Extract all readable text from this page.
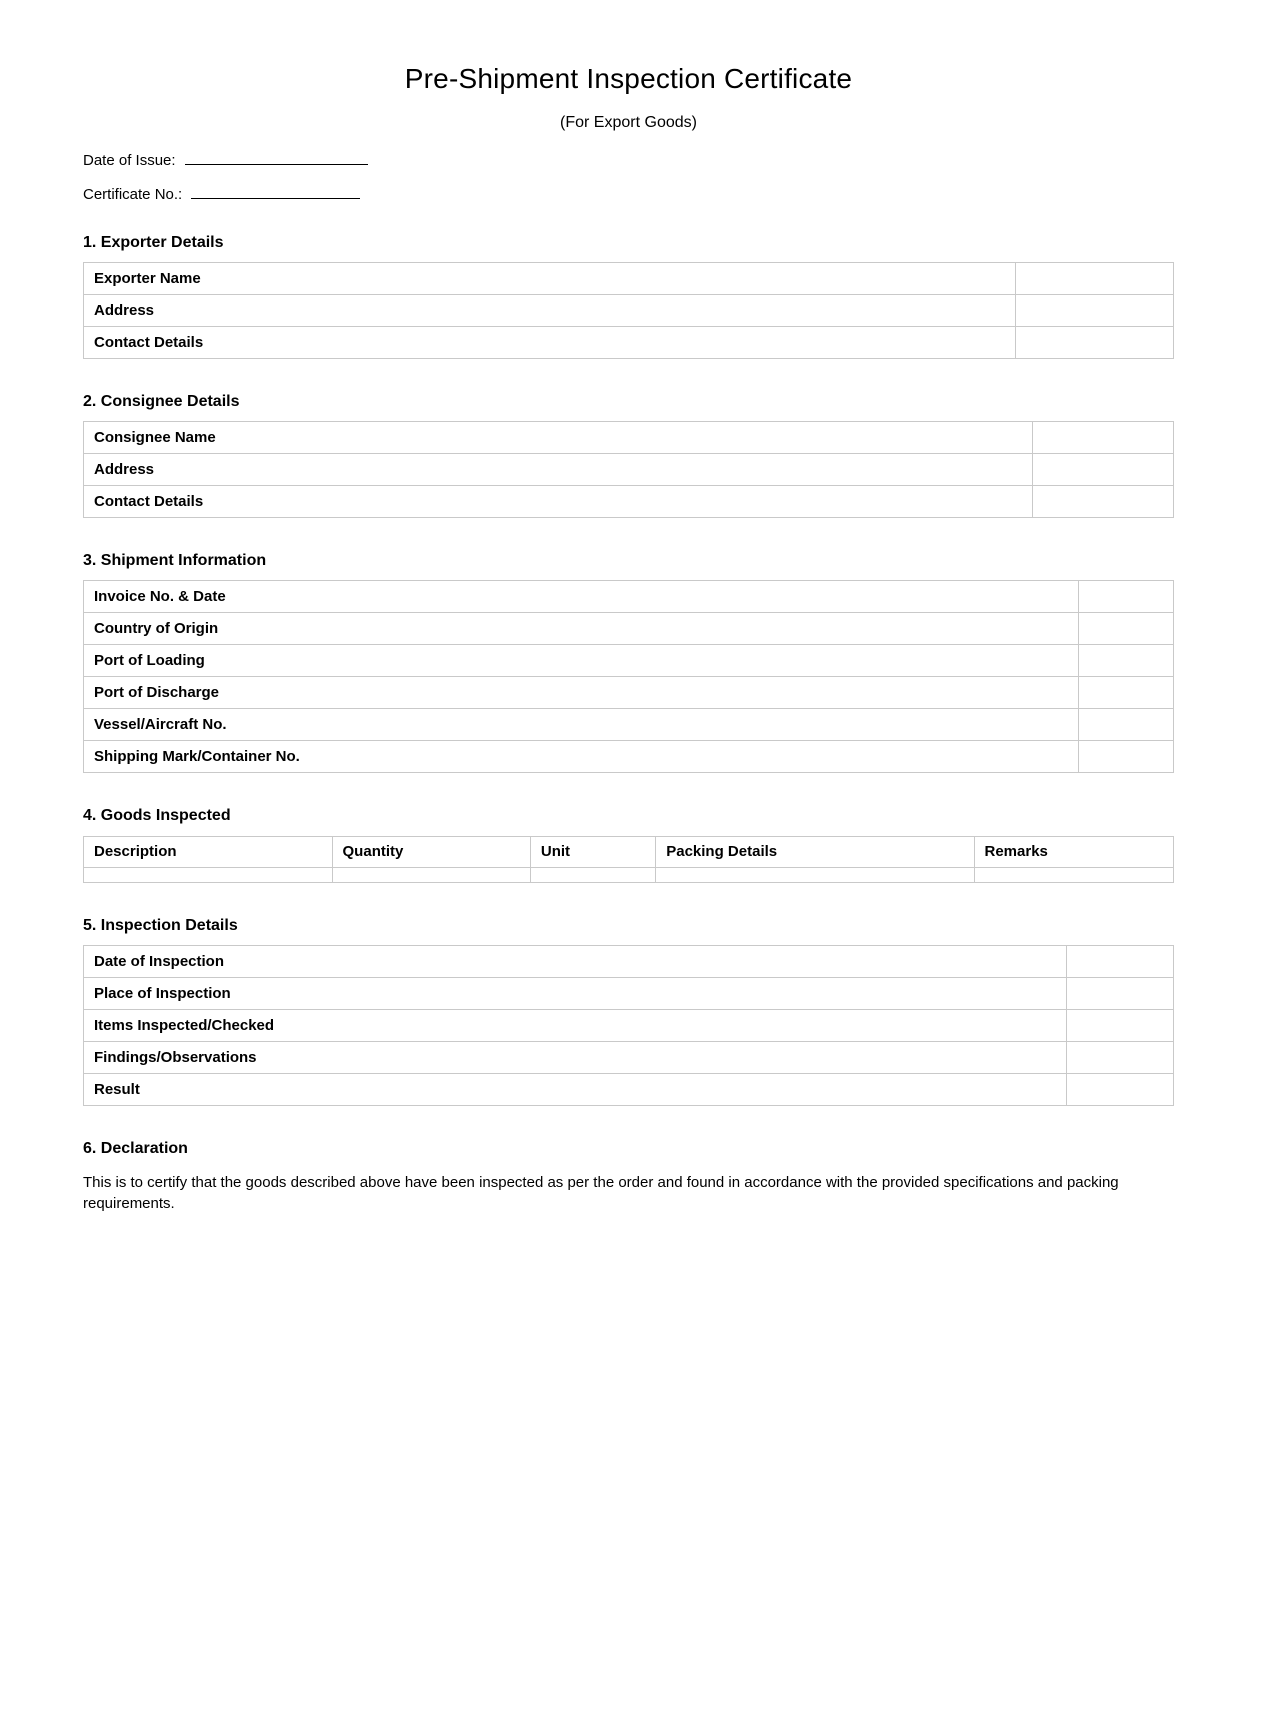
Pre-Shipment Inspection Certificate
(For Export Goods)
Date of Issue:
Certificate No.:
1. Exporter Details
Exporter Name	
Address	
Contact Details	
2. Consignee Details
Consignee Name	
Address	
Contact Details	
3. Shipment Information
Invoice No. & Date	
Country of Origin	
Port of Loading	
Port of Discharge	
Vessel/Aircraft No.	
Shipping Mark/Container No.	
4. Goods Inspected
Description	Quantity	Unit	Packing Details	Remarks

5. Inspection Details
Date of Inspection	
Place of Inspection	
Items Inspected/Checked	
Findings/Observations	
Result	
6. Declaration

This is to certify that the goods described above have been inspected as per the order and found in accordance with the provided specifications and packing requirements.
